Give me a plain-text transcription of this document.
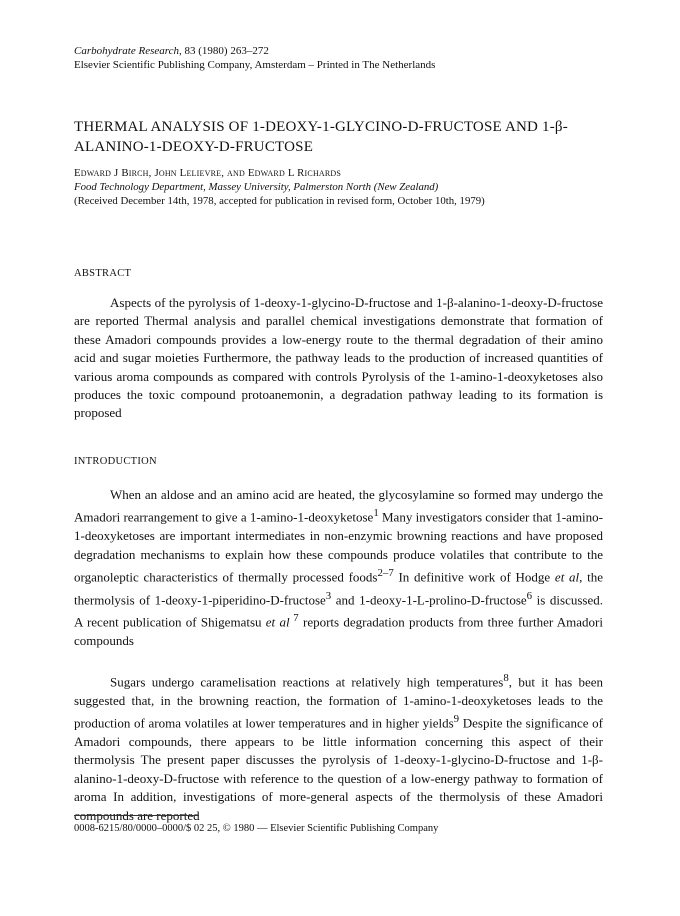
Carbohydrate Research, 83 (1980) 263–272
Elsevier Scientific Publishing Company, Amsterdam – Printed in The Netherlands
THERMAL ANALYSIS OF 1-DEOXY-1-GLYCINO-D-FRUCTOSE AND 1-β-
ALANINO-1-DEOXY-D-FRUCTOSE
Edward J Birch, John Lelievre, and Edward L Richards
Food Technology Department, Massey University, Palmerston North (New Zealand)
(Received December 14th, 1978, accepted for publication in revised form, October 10th, 1979)
ABSTRACT

Aspects of the pyrolysis of 1-deoxy-1-glycino-D-fructose and 1-β-alanino-1-deoxy-D-fructose are reported Thermal analysis and parallel chemical investigations demonstrate that formation of these Amadori compounds provides a low-energy route to the thermal degradation of their amino acid and sugar moieties Furthermore, the pathway leads to the production of increased quantities of various aroma compounds as compared with controls Pyrolysis of the 1-amino-1-deoxyketoses also produces the toxic compound protoanemonin, a degradation pathway leading to its formation is proposed

INTRODUCTION

When an aldose and an amino acid are heated, the glycosylamine so formed may undergo the Amadori rearrangement to give a 1-amino-1-deoxyketose$^1$ Many investigators consider that 1-amino-1-deoxyketoses are important intermediates in non-enzymic browning reactions and have proposed degradation mechanisms to explain how these compounds produce volatiles that contribute to the organoleptic characteristics of thermally processed foods$^{2-7}$ In definitive work of Hodge et al, the thermolysis of 1-deoxy-1-piperidino-D-fructose$^3$ and 1-deoxy-1-L-prolino-D-fructose$^6$ is discussed. A recent publication of Shigematsu et al $^7$ reports degradation products from three further Amadori compounds

Sugars undergo caramelisation reactions at relatively high temperatures$^8$, but it has been suggested that, in the browning reaction, the formation of 1-amino-1-deoxyketoses leads to the production of aroma volatiles at lower temperatures and in higher yields$^9$ Despite the significance of Amadori compounds, there appears to be little information concerning this aspect of their thermolysis The present paper discusses the pyrolysis of 1-deoxy-1-glycino-D-fructose and 1-β-alanino-1-deoxy-D-fructose with reference to the question of a low-energy pathway to formation of aroma In addition, investigations of more-general aspects of the thermolysis of these Amadori compounds are reported

0008-6215/80/0000–0000/$ 02 25, © 1980 — Elsevier Scientific Publishing Company
